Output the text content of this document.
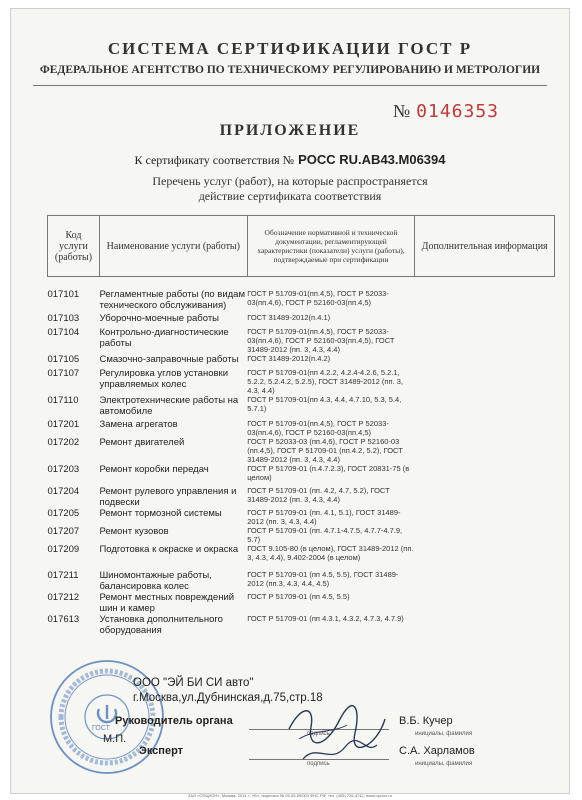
СИСТЕМА СЕРТИФИКАЦИИ ГОСТ Р
ФЕДЕРАЛЬНОЕ АГЕНТСТВО ПО ТЕХНИЧЕСКОМУ РЕГУЛИРОВАНИЮ И МЕТРОЛОГИИ
№ 0146353
ПРИЛОЖЕНИЕ
К сертификату соответствия № POCC RU.AB43.M06394
Перечень услуг (работ), на которые распространяется
действие сертификата соответствия
Код услуги (работы)	Наименование услуги (работы)	Обозначение нормативной и технической документации, регламентирующей характеристики (показатели) услуги (работы), подтверждаемые при сертификации	Дополнительная информация

017101	Регламентные работы (по видам технического обслуживания)	ГОСТ Р 51709-01(пп.4,5), ГОСТ Р 52033-03(пп.4,6), ГОСТ Р 52160-03(пп.4,5)	
017103	Уборочно-моечные работы	ГОСТ 31489-2012(п.4.1)	
017104	Контрольно-диагностические работы	ГОСТ Р 51709-01(пп.4,5), ГОСТ Р 52033-03(пп.4,6), ГОСТ Р 52160-03(пп.4,5), ГОСТ 31489-2012 (пп. 3, 4.3, 4.4)	
017105	Смазочно-заправочные работы	ГОСТ 31489-2012(п.4.2)	
017107	Регулировка углов установки управляемых колес	ГОСТ Р 51709-01(пп 4.2.2, 4.2.4-4.2.6, 5.2.1, 5.2.2, 5.2.4.2, 5.2.5), ГОСТ 31489-2012 (пп. 3, 4.3, 4.4)	
017110	Электротехнические работы на автомобиле	ГОСТ Р 51709-01(пп 4.3, 4.4, 4.7.10, 5.3, 5.4, 5.7.1)	
017201	Замена агрегатов	ГОСТ Р 51709-01(пп.4,5), ГОСТ Р 52033-03(пп.4,6), ГОСТ Р 52160-03(пп.4,5)	
017202	Ремонт двигателей	ГОСТ Р 52033-03 (пп.4,6), ГОСТ Р 52160-03 (пп.4,5), ГОСТ Р 51709-01 (пп.4.2, 5.2), ГОСТ 31489-2012 (пп. 3, 4.3, 4.4)	
017203	Ремонт коробки передач	ГОСТ Р 51709-01 (п.4.7.2.3), ГОСТ 20831-75 (в целом)	
017204	Ремонт рулевого управления и подвески	ГОСТ Р 51709-01 (пп. 4.2, 4.7, 5.2), ГОСТ 31489-2012 (пп. 3, 4.3, 4.4)	
017205	Ремонт тормозной системы	ГОСТ Р 51709-01 (пп. 4.1, 5.1), ГОСТ 31489-2012 (пп. 3, 4.3, 4.4)	
017207	Ремонт кузовов	ГОСТ Р 51709-01 (пп. 4.7.1-4.7.5, 4.7.7-4.7.9, 5.7)	
017209	Подготовка к окраске и окраска	ГОСТ 9.105-80 (в целом), ГОСТ 31489-2012 (пп. 3, 4.3, 4.4), 9.402-2004 (в целом)	
017211	Шиномонтажные работы, балансировка колес	ГОСТ Р 51709-01 (пп 4.5, 5.5), ГОСТ 31489-2012 (пп.3, 4.3, 4.4, 4.5)	
017212	Ремонт местных повреждений шин и камер	ГОСТ Р 51709-01 (пп 4.5, 5.5)	
017613	Установка дополнительного оборудования	ГОСТ Р 51709-01 (пп 4.3.1, 4.3.2, 4.7.3, 4.7.9)	
ГОСТ
ООО "ЭЙ БИ СИ авто"
г.Москва,ул.Дубнинская,д.75,стр.18
Руководитель органа
подпись
В.Б. Кучер
инициалы, фамилия
М.П.
Эксперт
подпись
С.А. Харламов
инициалы, фамилия
ЗАО «ОПЦИОН», Москва, 2014 г., «Б», лицензия № 05-05-09/003 ФНС РФ, тел. (495) 726-4742, www.opcion.ru
